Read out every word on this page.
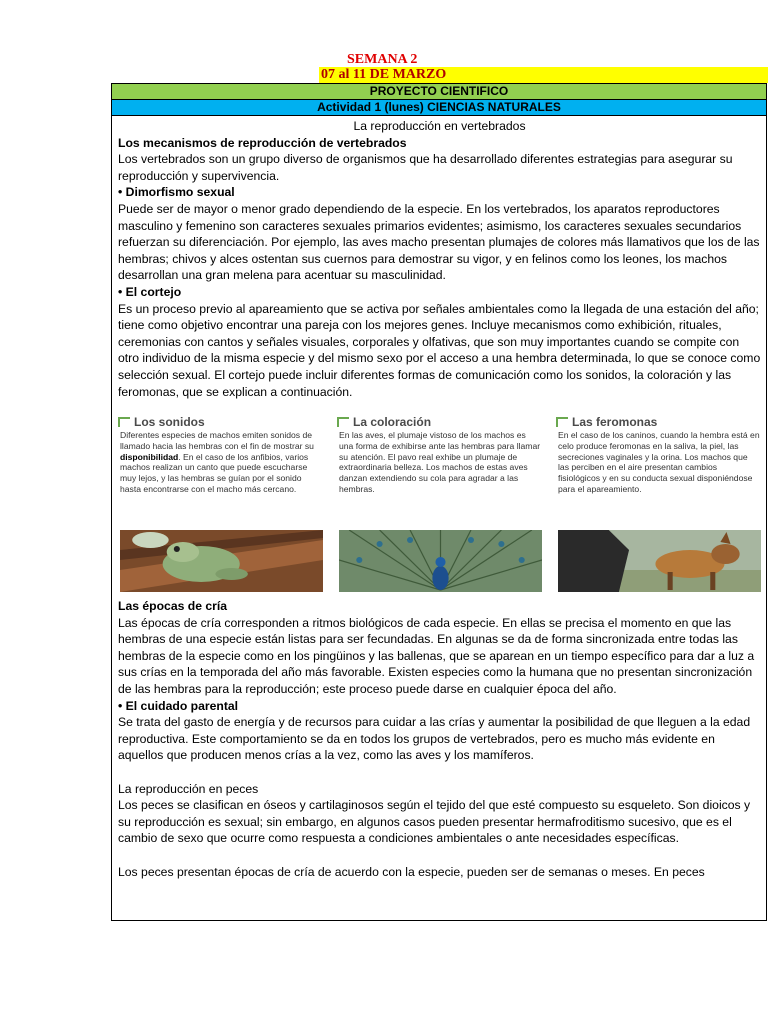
SEMANA 2
07 al 11 DE MARZO
PROYECTO CIENTIFICO
Actividad 1 (lunes) CIENCIAS NATURALES

La reproducción en vertebrados

Los mecanismos de reproducción de vertebrados

Los vertebrados son un grupo diverso de organismos que ha desarrollado diferentes estrategias para asegurar su reproducción y supervivencia.

• Dimorfismo sexual

Puede ser de mayor o menor grado dependiendo de la especie. En los vertebrados, los aparatos reproductores masculino y femenino son caracteres sexuales primarios evidentes; asimismo, los caracteres sexuales secundarios refuerzan su diferenciación. Por ejemplo, las aves macho presentan plumajes de colores más llamativos que los de las hembras; chivos y alces ostentan sus cuernos para demostrar su vigor, y en felinos como los leones, los machos desarrollan una gran melena para acentuar su masculinidad.

• El cortejo

Es un proceso previo al apareamiento que se activa por señales ambientales como la llegada de una estación del año; tiene como objetivo encontrar una pareja con los mejores genes. Incluye mecanismos como exhibición, rituales, ceremonias con cantos y señales visuales, corporales y olfativas, que son muy importantes cuando se compite con otro individuo de la misma especie y del mismo sexo por el acceso a una hembra determinada, lo que se conoce como selección sexual. El cortejo puede incluir diferentes formas de comunicación como los sonidos, la coloración y las feromonas, que se explican a continuación.

Los sonidos
Diferentes especies de machos emiten sonidos de llamado hacia las hembras con el fin de mostrar su disponibilidad. En el caso de los anfibios, varios machos realizan un canto que puede escucharse muy lejos, y las hembras se guían por el sonido hasta encontrarse con el macho más cercano.
La coloración
En las aves, el plumaje vistoso de los machos es una forma de exhibirse ante las hembras para llamar su atención. El pavo real exhibe un plumaje de extraordinaria belleza. Los machos de estas aves danzan extendiendo su cola para agradar a las hembras.
Las feromonas
En el caso de los caninos, cuando la hembra está en celo produce feromonas en la saliva, la piel, las secreciones vaginales y la orina. Los machos que las perciben en el aire presentan cambios fisiológicos y en su conducta sexual disponiéndose para el apareamiento.

Las épocas de cría

Las épocas de cría corresponden a ritmos biológicos de cada especie. En ellas se precisa el momento en que las hembras de una especie están listas para ser fecundadas. En algunas se da de forma sincronizada entre todas las hembras de la especie como en los pingüinos y las ballenas, que se aparean en un tiempo específico para dar a luz a sus crías en la temporada del año más favorable. Existen especies como la humana que no presentan sincronización de las hembras para la reproducción; este proceso puede darse en cualquier época del año.

• El cuidado parental

Se trata del gasto de energía y de recursos para cuidar a las crías y aumentar la posibilidad de que lleguen a la edad reproductiva. Este comportamiento se da en todos los grupos de vertebrados, pero es mucho más evidente en aquellos que producen menos crías a la vez, como las aves y los mamíferos.

La reproducción en peces

Los peces se clasifican en óseos y cartilaginosos según el tejido del que esté compuesto su esqueleto. Son dioicos y su reproducción es sexual; sin embargo, en algunos casos pueden presentar hermafroditismo sucesivo, que es el cambio de sexo que ocurre como respuesta a condiciones ambientales o ante necesidades específicas.

Los peces presentan épocas de cría de acuerdo con la especie, pueden ser de semanas o meses. En peces
